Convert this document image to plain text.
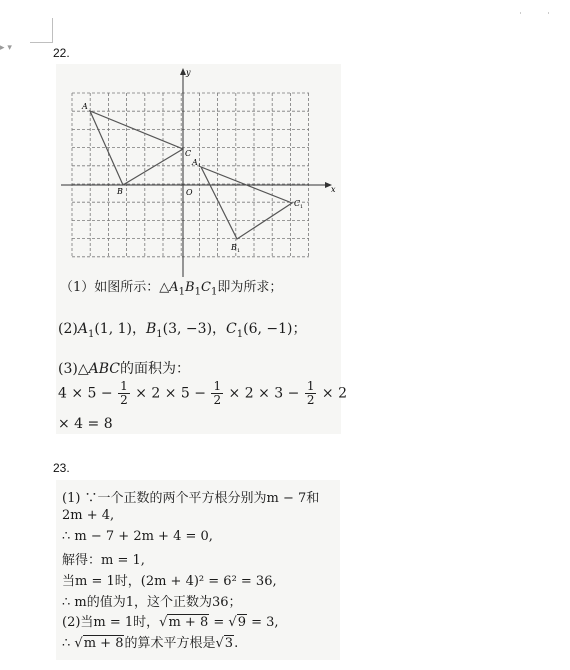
▸ ▾	22.
x
y
O
A
B
C
A 1
B 1
C 1
（1）如图所示：$\triangle A_1B_1C_1$即为所求；
$(2)A_1(1$, 1)，$B_1(3$, −3)，$C_1(6$, −1)；
(3)△ABC的面积为：
$4 \times 5 - \frac{1}{2} \times 2 \times 5 - \frac{1}{2} \times 2 \times 3 - \frac{1}{2} \times 2$
× 4 = 8
23.
(1) ∵一个正数的两个平方根分别为m − 7和
2m + 4,
∴ m − 7 + 2m + 4 = 0,
解得：m = 1,
当m = 1时，(2m + 4)² = 6² = 36,
∴ m的值为1，这个正数为36；
(2)当m = 1时，√m + 8 = √9 = 3,
∴ √m + 8的算术平方根是√3.
